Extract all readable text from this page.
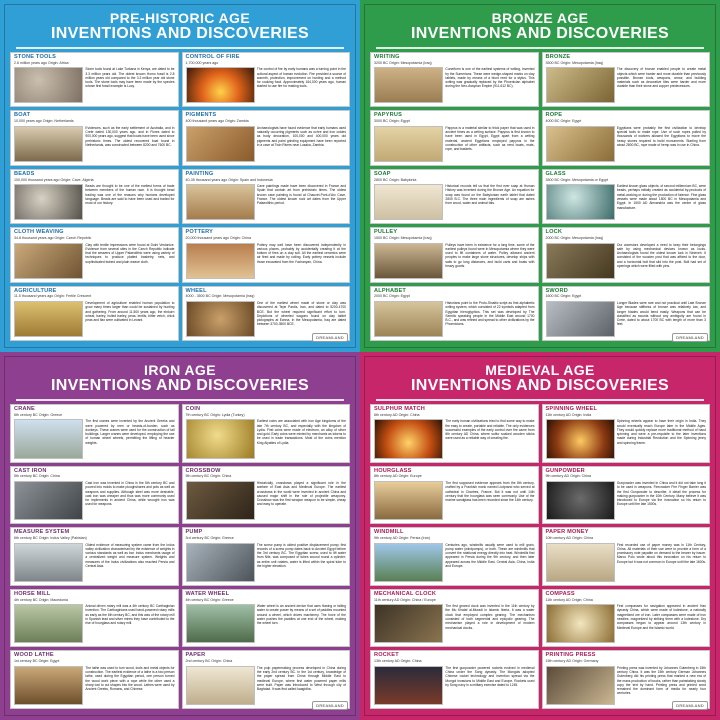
PRE-HISTORIC AGE
INVENTIONS AND DISCOVERIES
STONE TOOLS
2.6 million years ago Origin: Africa
Stone tools found at Lake Turkana in Kenya, are dated to be 3.3 million years old. The oldest known Homo fossil is 2.8 million years old compared to the 3.3 million year old stone tools. The stone tools may have been made by the species whose first fossil example is Lucy.
BOAT
10,000 years ago Origin: Netherlands
Evidences, such as the early settlement of Australia, and in Crete dated 130,000 years ago, and in Flores dated to 900,000 years ago, suggest that boats have been used since prehistoric times. The oldest recovered boat found in Netherlands, was constructed between 8200 and 7600 BC.
BEADS
100,000 thousand years ago Origin: Cave, Algeria
Beads are thought to be one of the earliest forms of trade between members of the human race. It is thought bead trading was one of the reasons why humans developed language. Beads are said to have been used and traded for most of our history.
CLOTH WEAVING
34.8 thousand years ago Origin: Czech Republic
Clay with textile impressions were found at Dolni Vestonice. Evidence from several sites in the Czech Republic indicate that the weavers of Upper Palaeolithic were using variety of techniques to produce plaited basketry, nets, and sophisticated twined and plain weave cloth.
AGRICULTURE
11.5 thousand years ago Origin: Fertile Crescent
Development of agriculture enabled human population to grow many times larger than could be sustained by hunting and gathering. From around 11,500 years ago, the einkorn wheat, barley, hulled barley, peas, lentils, bitter vetch, chick peas and flax were cultivated in Levant.
CONTROL OF FIRE
1,700,000 years ago
The control of fire by early humans was a turning point in the cultural aspect of human evolution. Fire provided a source of warmth, protection, improvement on hunting and a method for cooking food. Approximately 164,000 years ago, human started to use fire for making tools.
PIGMENTS
400 thousand years ago Origin: Zambia
Archaeologists have found evidence that early humans used naturally occurring pigments such as ochre and iron oxides as body decoration, 100,000 and 400,000 years old pigments and paint grinding equipment have been reported in a cave at Twin Rivers near Lusaka, Zambia.
PAINTING
40-35 thousand years ago Origin: Spain and Indonesia
Cave paintings made have been discovered in France and Spain that contain art from prehistoric times. The oldest known cave painting is found at Chauvet-Pont-d'Arc Cave, France. The oldest known rock art dates from the Upper Palaeolithic period.
POTTERY
20,000 thousand years ago Origin: China
Pottery may well have been discovered independently in various places, probably by accidentally creating it at the bottom of fires on a clay soil. All the earliest ceramics were air fired and made by coiling. Early pottery vessels include those excavated from the Yuchanyan, China.
WHEEL
4000 - 3500 BC Origin: Mesopotamia (Iraq)
One of the earliest wheel made of stone or clay was discovered at Tepe Pardis, Iran, and dated to 5200-4700 BCE. But the wheel required significant effort to turn. Depictions of wheeled wagons found on clay tablet pictographs at Eanna, in the Mesopotamia, Iraq are dated between 3700-3500 BCE.
DREAMLAND
BRONZE AGE
INVENTIONS AND DISCOVERIES
WRITING
3200 BC Origin: Mesopotamia (Iraq)
Cuneiform is one of the earliest systems of writing, invented by the Sumerians. These were wedge-shaped marks on clay tablets, made by means of a blunt reed for a stylus. This writing was gradually replaced by the Phoenician alphabet during the Neo-Assyrian Empire (911-612 BC).
PAPYRUS
3000 BC Origin: Egypt
Papyrus is a material similar to thick paper that was used in ancient times as a writing surface. Papyrus is first known to have been used in Egypt, Egypt apart from a writing material, ancient Egyptians employed papyrus in the construction of other artifacts, such as reed boats, mats, rope, and baskets.
SOAP
2800 BC Origin: Babylonia
Historical records tell us that the first ever soap at Human History was invented during the Bronze Age. An equation for soap was found on the Babylonian earth tablet that dated 2800 B.C. The three main ingredients of soap are ashes from wood, water and animal fats.
PULLEY
1500 BC Origin: Mesopotamia (Iraq)
Pulleys have been in existence for a long time, some of the earliest pulleys found were in Mesopotamia where they were used to lift containers of water. Pulley allowed ancient peoples to make large stone structures, develop ships with sails to go long distances, and build carts and boats with heavy goods.
ALPHABET
2000 BC Origin: Egypt
Historians point to the Proto-Sinaitic script as first alphabetic writing system, which consisted of 22 symbols adapted from Egyptian hieroglyphics. This set was developed by The Semitic speaking people in the Middle East around 1700 B.C., and was refined and spread to other civilizations by the Phoenicians.
BRONZE
3500 BC Origin: Mesopotamia (Iraq)
The discovery of bronze enabled people to create metal objects which were harder and more durable than previously possible. Bronze tools, weapons, armor, and building materials such as decorative tiles were harder and more durable than their stone and copper predecessors.
ROPE
4000 BC Origin: Egypt
Egyptians were probably the first civilization to develop special tools to make rope. Use of such ropes pulled by thousands of workers allowed the Egyptians to move the heavy stones required to build monuments. Starting from about 2800 BC, rope made of hemp was in use in China.
GLASS
3500 BC Origin: Mesopotamia or Egypt
Earliest known glass objects, of second millennium BC, were beads, perhaps initially created as accidental by-products of metal-working or during the production of faience. Fine glass vessels were made about 1500 BC in Mesopotamia and Egypt. In 1500 AD Alexandria was the center of glass manufacture.
LOCK
2000 BC Origin: Mesopotamia (Iraq)
Our ancestors developed a need to keep their belongings safe by using mechanical devices known as locks. Archaeologists found the oldest known lock in Nineveh. It consisted of the wooden post that was affixed to the door, and a horizontal bolt that slid into the post. Bolt had set of openings which were filled with pins.
SWORD
1600 BC Origin: Egypt
Longer Blades were rare and not practical until Late Bronze Age because stiffness of bronze was relatively low, and longer blades would bend easily. Weapons that can be classified as swords without any ambiguity are found in Crete, dated to about 1700 BC with length of more than 3 feet.
DREAMLAND
IRON AGE
INVENTIONS AND DISCOVERIES
CRANE
6th century BC Origin: Greece
The first cranes were invented by the Ancient Greeks and were powered by men or beasts-of-burden, such as donkeys. These cranes were used for the construction of tall buildings. Larger cranes were developed, employing the use of human wheel wheels, permitting the lifting of heavier weights.
CAST IRON
5th century BC Origin: China
Cast iron was invented in China in the 5th century BC and poured into molds to make ploughshares and pots as well as weapons and supplies. Although steel was more desirable, cast iron was cheaper and thus was more commonly used for implements in ancient China, while wrought iron was used for weapons.
MEASURE SYSTEM
6th century BC Origin: Indus Valley (Pakistan)
Oldest evidence of measuring system came from the Indus valley civilization characterised by the existence of weights in various standards as well as bar. Indus merchants usage of a centralized weight and measure system. Weights and measures of the Indus civilizations also reached Persia and Central Asia.
HORSE MILL
4th century BC Origin: Macedonia
Animal driven rotary mill was a 4th century BC Carthaginian invention. The Carthaginians used hand-powered rotary mills as early as the 6th century BC, and this was of the rotary mill in Spanish lead and silver mines they have contributed to the rise of hourglass and rotary mill.
WOOD LATHE
1st century BC Origin: Egypt
The lathe was used to turn wood, tools and metal objects for construction. The earliest evidence of a lathe is a two person lathe, used during the Egyptian period, one person turned the wood work piece with a rope while the other used a sharp tool to cut shapes into the wood. Lathes were used by Ancient Greeks, Romans, and Chinese.
COIN
7th century BC Origin: Lydia (Turkey)
Earliest coins are associated with Iron Age kingdoms of the late 7th century BC, and especially with the kingdom of Lydia. First coins were made of electrum, an alloy of silver and gold. Early coins were minted by merchants as tokens to be used in trade transactions. Most of the coins mention King Alyattes of Lydia.
CROSSBOW
5th century BC Origin: China
Historically, crossbows played a significant role in the warfare of East Asia and Medieval Europe. The earliest crossbows in the world were invented in ancient China and caused major shift in the role of projectile weaponry. Crossbow was the first weapon weapon to be simple, cheap and easy to operate.
PUMP
3rd century BC Origin: Greece
The screw pump is oldest positive displacement pump; first records of a screw pump dates back to Ancient Egypt before the 3rd century BC. The Egyptian screw, used to lift water from Nile, was composed of tubes wound round a cylinder; as entire unit rotates, water is lifted within the spiral tube to the higher elevation.
WATER WHEEL
4th century BC Origin: Greece
Water wheel is an ancient device that uses flowing or falling water to create power by means of a set of paddles mounted around a wheel, which drives machinery. The force of the water pushes the paddles at one end of the wheel, making the wheel turn.
PAPER
2nd century BC Origin: China
The pulp papermaking process developed in China during the early 2nd century BC. In the 1st century, knowledge of the paper spread from China through Middle East to medieval Europe, where first water powered paper mills were built. Paper was introduced to West through city of Baghdad. It was first called kaagidha.
DREAMLAND
MEDIEVAL AGE
INVENTIONS AND DISCOVERIES
SULPHUR MATCH
6th century AD Origin: China
The early human civilizations tried to find some way to make fire easy to create, portable and reliable. The only evidences successful examples of the early control over fire came from 6th century AD China, where sulfur soaked wooden sticks were used as a reliable way of creating fire.
HOURGLASS
8th century AD Origin: Europe
The first supposed evidence appears from the 8th century, crafted by a Frankish monk named Liutprand who served at cathedral in Chartres, France. But it was not until 14th century that the hourglass was seen commonly. Use of the marine sandglass has been recorded since the 14th century.
WINDMILL
9th century AD Origin: Persia (Iran)
Centuries ago, windmills usually were used to mill grain, pump water (windpumps), or both. These are windmills that convert the rotational energy directly into heat. Windmills first appeared in Persia during the 9th century, and then later appeared across the Middle East, Central Asia, China, India and Europe.
MECHANICAL CLOCK
11th century AD Origin: China / Europe
The first geared clock was invented in the 11th century by the Mu Khalaf al-Muradi in Islamic Iberia. It was a water clock that employed complex gearing. The mechanism consisted of both segmental and epicyclic gearing. The mechanism played a role in development of modern mechanical clocks.
ROCKET
13th century AD Origin: China
The first gunpowder powered rockets evolved in medieval China under the Song dynasty. The Mongols adopted Chinese rocket technology and invention spread via the Mongol invasions to Middle East and Europe. Rockets used by Song navy in a military exercise dated to 1245.
SPINNING WHEEL
11th century AD Origin: India
Spinning wheels appear to have their origin in India. They would eventually reach Europe later in the Middle Ages. They would quickly replace more traditional method of hand spinning and were a pre-requisite to the later inventions made during Industrial Revolution and the Spinning jenny and spinning frame.
GUNPOWDER
9th century AD Origin: China
Gunpowder was invented in China and it did not take long it to be used in weapons. Firecracker Fire Finger Barrier was the first Gunpowder to describe, it detail the process for making gunpowder in the 10th Century. Many believe it was introduced to Europe via the innovation so his return to Europe until the late 1500s.
PAPER MONEY
10th century AD Origin: China
First recorded use of paper money was in 11th Century, China. All materials of their use were to provide a form of a promissory note payable on demand to the bearer by issuer. Marco Polo wrote about this innovation on his return to Europe but it was not common in Europe until the late 1600s.
COMPASS
11th century AD Origin: China
First compasses for navigation appeared in ancient Han dynasty China, which were made of lodestone, a naturally magnetized ore of iron. Later compasses were made of iron needles, magnetized by striking them with a lodestone. Dry compasses began to appear around 13th century in Medieval Europe and the Islamic world.
PRINTING PRESS
15th century AD Origin: Germany
Printing press was invented by Johannes Gutenberg in 15th century China. It was the 15th century German Johannes Gutenberg did his printing press that marked a new era of the mass production of books, rather than painstaking slowly copy the text by hand. Printing press and printed word remained the dominant form of media for nearly four centuries.
DREAMLAND
